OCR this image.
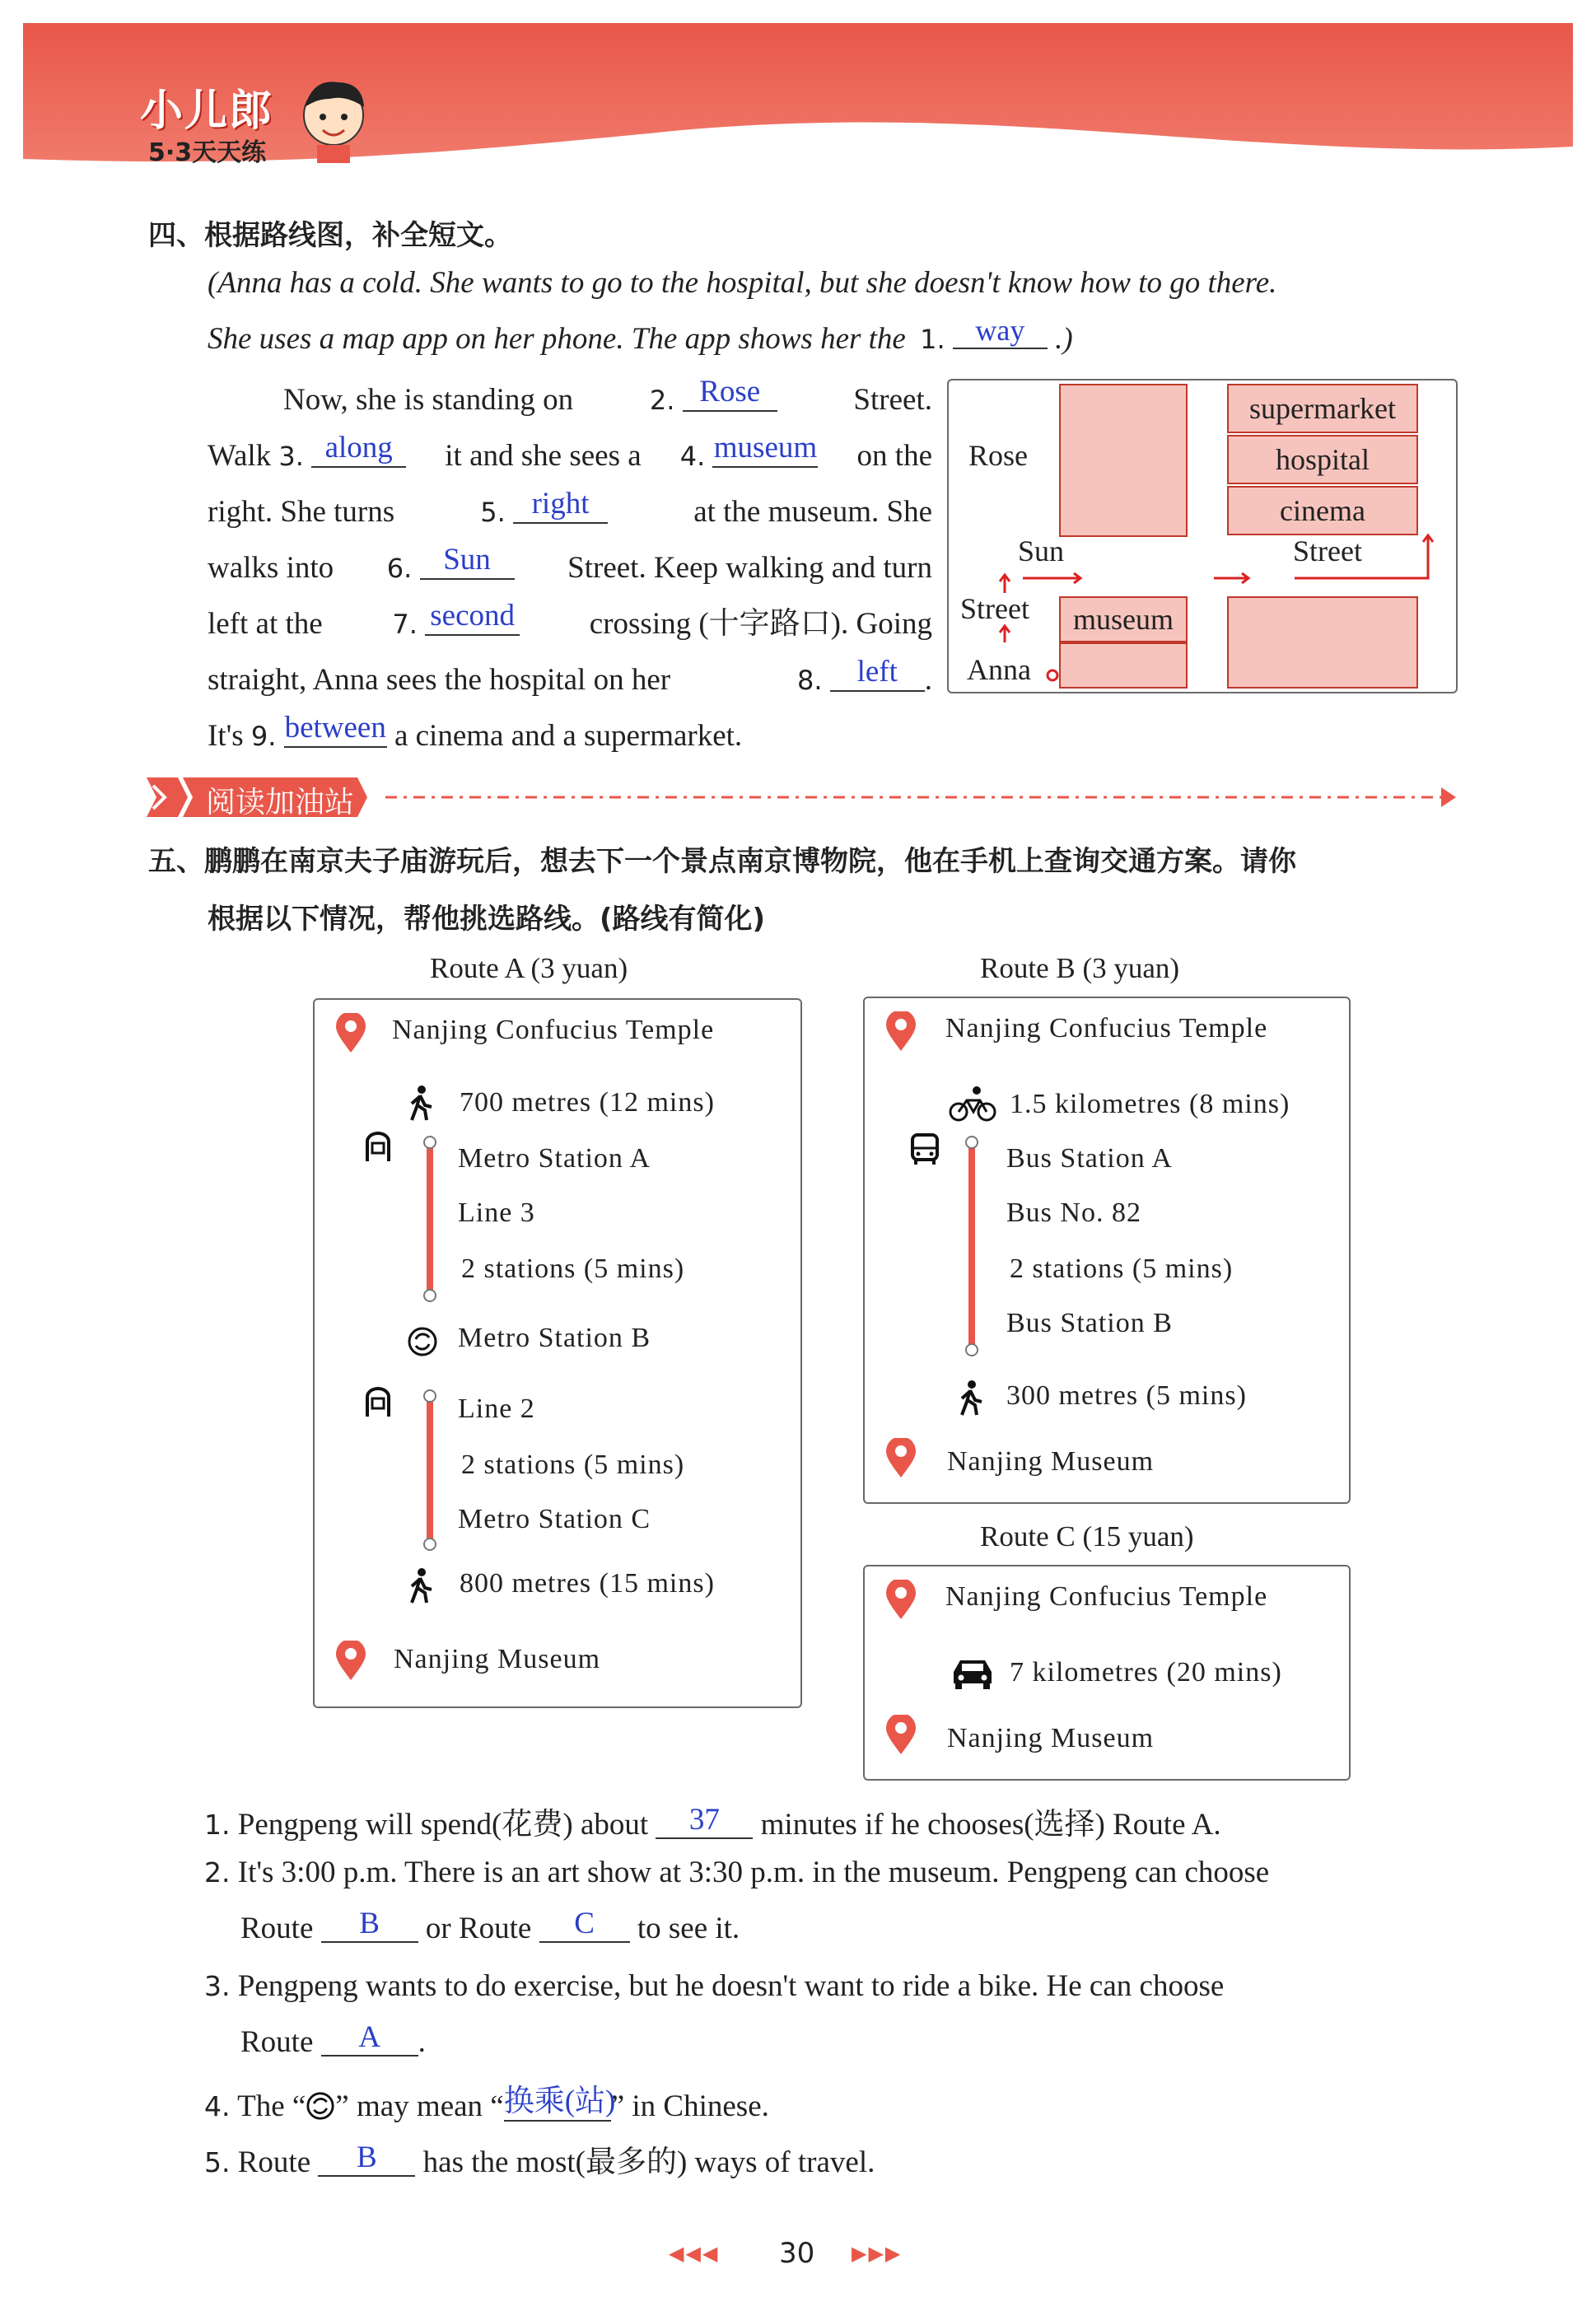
小儿郎
5·3天天练
四、根据路线图，补全短文。
(Anna has a cold. She wants to go to the hospital, but she doesn't know how to go there.
She uses a map app on her phone. The app shows her the 1. way .)
Now, she is standing on	2. Rose	Street.
Walk 3. along	it and she sees a 4. museum on the
right. She turns	5. right	at the museum. She
walks into 6. Sun	Street. Keep walking and turn
left at the	7. second crossing (十字路口). Going
straight, Anna sees the hospital on her	8. left .
It's 9. between a cinema and a supermarket.
supermarket
hospital
cinema
museum
Rose
Sun	Street
Street
Anna
阅读加油站
五、鹏鹏在南京夫子庙游玩后，想去下一个景点南京博物院，他在手机上查询交通方案。请你
根据以下情况，帮他挑选路线。(路线有简化)
Route A (3 yuan)
Nanjing Confucius Temple
700 metres (12 mins)
Metro Station A
Line 3
2 stations (5 mins)
Metro Station B
Line 2
2 stations (5 mins)
Metro Station C
800 metres (15 mins)
Nanjing Museum
Route B (3 yuan)
Nanjing Confucius Temple
1.5 kilometres (8 mins)
Bus Station A
Bus No. 82
2 stations (5 mins)
Bus Station B
300 metres (5 mins)
Nanjing Museum
Route C (15 yuan)
Nanjing Confucius Temple
7 kilometres (20 mins)
Nanjing Museum
1. Pengpeng will spend(花费) about 37 minutes if he chooses(选择) Route A.
2. It's 3:00 p.m. There is an art show at 3:30 p.m. in the museum. Pengpeng can choose
Route B or Route C to see it.
3. Pengpeng wants to do exercise, but he doesn't want to ride a bike. He can choose
Route A .
4. The “ ” may mean “换乘(站)” in Chinese.
5. Route B has the most(最多的) ways of travel.
◀◀◀ 30 ▶▶▶
